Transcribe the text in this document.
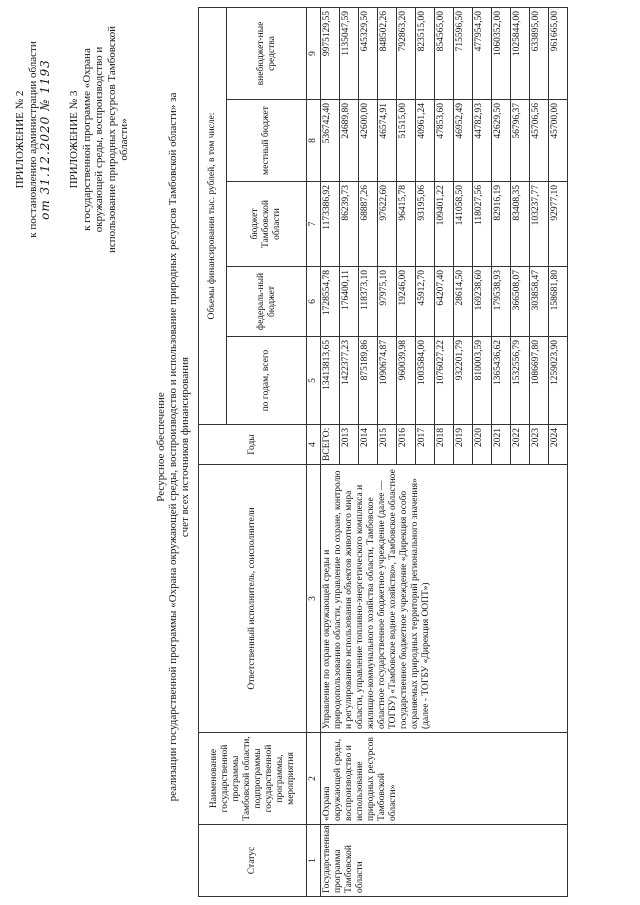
ПРИЛОЖЕНИЕ № 2 к постановлению администрации области от 31.12.2020 № 1193 ПРИЛОЖЕНИЕ № 3 к государственной программе «Охрана окружающей среды, воспроизводство и использование природных ресурсов Тамбовской области»
Ресурсное обеспечение реализации государственной программы «Охрана окружающей среды, воспроизводство и использование природных ресурсов Тамбовской области» за счет всех источников финансирования
Статус	Наименование государственной программы Тамбовской области, подпрограммы государственной программы, мероприятия	Ответственный исполнитель, соисполнители	Годы	Объемы финансирования тыс. рублей, в том числе:				
				по годам, всего	федераль-ный бюджет	бюджет Тамбовской области	местный бюджет	внебюджет-ные средства
1	2	3	4	5	6	7	8	9
Государственная программа Тамбовской области	«Охрана окружающей среды, воспроизводство и использование природных ресурсов Тамбовской области»	Управление по охране окружающей среды и природопользованию области, управление по охране, контролю и регулированию использования объектов животного мира области, управление топливно-энергетического комплекса и жилищно-коммунального хозяйства области, Тамбовское областное государственное бюджетное учреждение (далее — ТОГБУ) «Тамбовское водное хозяйство», Тамбовское областное государственное бюджетное учреждение «Дирекция особо охраняемых природных территорий регионального значения» (далее - ТОГБУ «Дирекция ООПТ»)	ВСЕГО:	13413813,65	1728554,78	1173386,92	536742,40	9975129,55
			2013	1422377,23	176400,11	86239,73	24689,80	1135047,59
			2014	875189,86	118373,10	68887,26	42600,00	645329,50
			2015	1090674,87	97975,10	97622,60	46574,91	848502,26
			2016	960039,98	19246,00	96415,78	51515,00	792863,20
			2017	1003584,00	45912,70	93195,06	40961,24	823515,00
			2018	1076027,22	64207,40	109401,22	47853,60	854565,00
			2019	932201,79	28614,50	141058,50	46952,49	715596,50
			2020	810003,59	169238,60	118027,56	44782,93	477954,50
			2021	1365436,62	179538,93	82916,19	42629,50	1060352,00
			2022	1532556,79	366508,07	83408,35	56796,37	1025844,00
			2023	1086697,80	303858,47	103237,77	45706,56	633895,00
			2024	1259023,90	158681,80	92977,10	45700,00	961665,00
